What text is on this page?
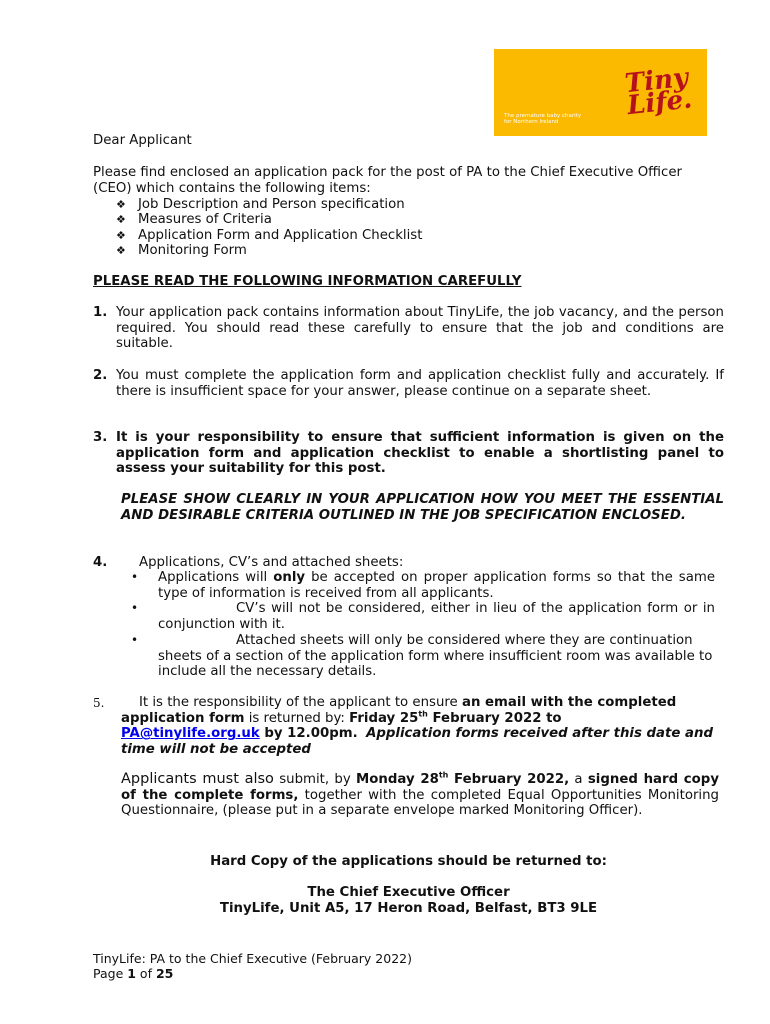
The premature baby charity for Northern Ireland
Tiny Life.
Dear Applicant
Please find enclosed an application pack for the post of PA to the Chief Executive Officer
(CEO) which contains the following items:
❖ Job Description and Person specification
❖ Measures of Criteria
❖ Application Form and Application Checklist
❖ Monitoring Form
PLEASE READ THE FOLLOWING INFORMATION CAREFULLY
1. Your application pack contains information about TinyLife, the job vacancy, and the person required. You should read these carefully to ensure that the job and conditions are suitable.
2. You must complete the application form and application checklist fully and accurately. If there is insufficient space for your answer, please continue on a separate sheet.
3. It is your responsibility to ensure that sufficient information is given on the application form and application checklist to enable a shortlisting panel to assess your suitability for this post.
PLEASE SHOW CLEARLY IN YOUR APPLICATION HOW YOU MEET THE ESSENTIAL AND DESIRABLE CRITERIA OUTLINED IN THE JOB SPECIFICATION ENCLOSED.
4. Applications, CV’s and attached sheets:
• Applications will only be accepted on proper application forms so that the same type of information is received from all applicants.
•	CV’s will not be considered, either in lieu of the application form or in conjunction with it.
•	Attached sheets will only be considered where they are continuation sheets of a section of the application form where insufficient room was available to include all the necessary details.
5.	It is the responsibility of the applicant to ensure an email with the completed application form is returned by: Friday 25th February 2022 to
PA@tinylife.org.uk by 12.00pm. Application forms received after this date and time will not be accepted
Applicants must also submit, by Monday 28th February 2022, a signed hard copy of the complete forms, together with the completed Equal Opportunities Monitoring Questionnaire, (please put in a separate envelope marked Monitoring Officer).
Hard Copy of the applications should be returned to:
The Chief Executive Officer
TinyLife, Unit A5, 17 Heron Road, Belfast, BT3 9LE
TinyLife: PA to the Chief Executive (February 2022)
Page 1 of 25
